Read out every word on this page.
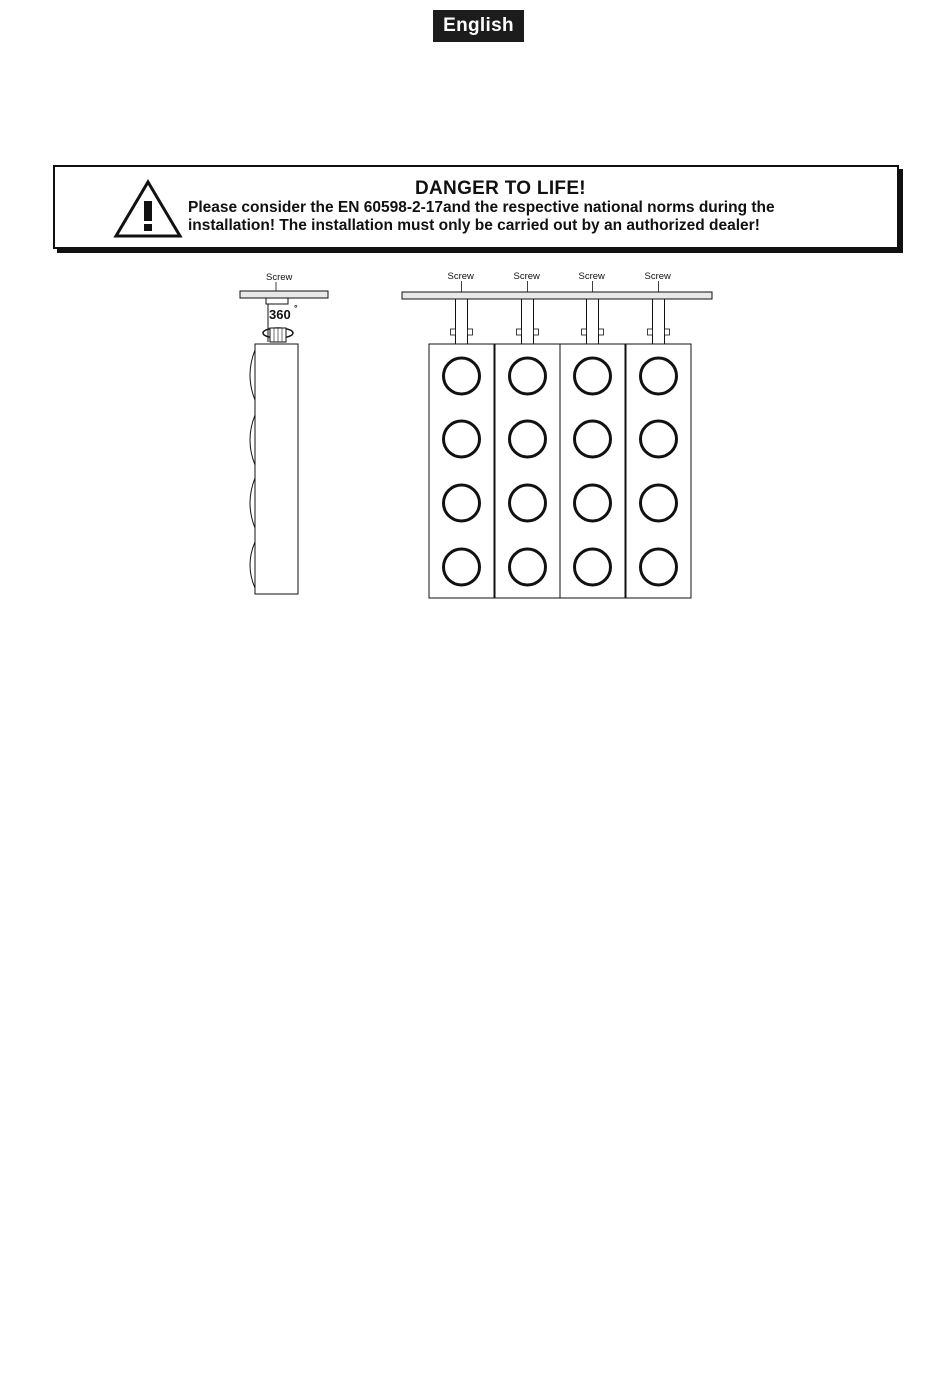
English
DANGER TO LIFE!
Please consider the EN 60598-2-17and the respective national norms during the
installation! The installation must only be carried out by an authorized dealer!
Screw
360 °
Screw	Screw	Screw	Screw
